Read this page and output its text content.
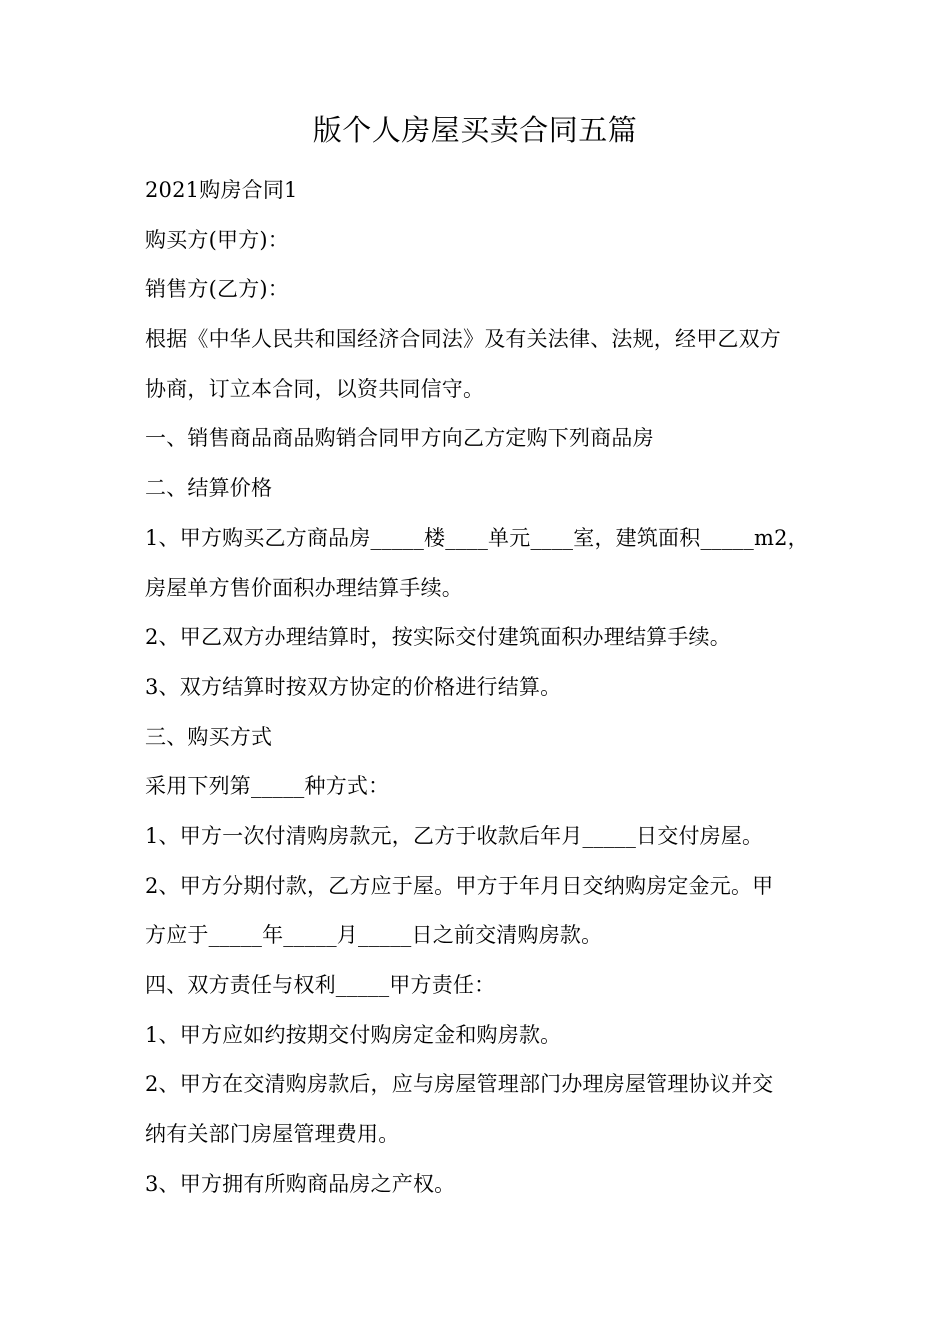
版个人房屋买卖合同五篇
2021购房合同1
购买方(甲方)：
销售方(乙方)：
根据《中华人民共和国经济合同法》及有关法律、法规，经甲乙双方
协商，订立本合同，以资共同信守。
一、销售商品商品购销合同甲方向乙方定购下列商品房
二、结算价格
1、甲方购买乙方商品房_____楼____单元____室，建筑面积_____m2，
房屋单方售价面积办理结算手续。
2、甲乙双方办理结算时，按实际交付建筑面积办理结算手续。
3、双方结算时按双方协定的价格进行结算。
三、购买方式
采用下列第_____种方式：
1、甲方一次付清购房款元，乙方于收款后年月_____日交付房屋。
2、甲方分期付款，乙方应于屋。甲方于年月日交纳购房定金元。甲
方应于_____年_____月_____日之前交清购房款。
四、双方责任与权利_____甲方责任：
1、甲方应如约按期交付购房定金和购房款。
2、甲方在交清购房款后，应与房屋管理部门办理房屋管理协议并交
纳有关部门房屋管理费用。
3、甲方拥有所购商品房之产权。
